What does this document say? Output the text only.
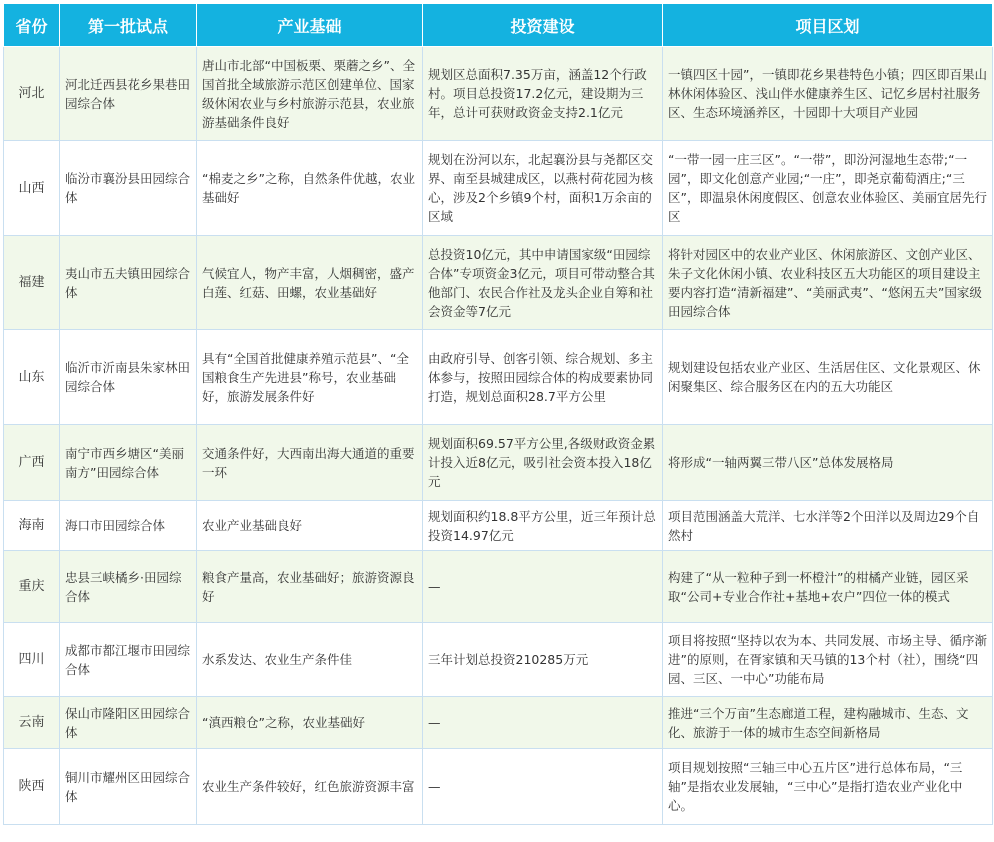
省份	第一批试点	产业基础	投资建设	项目区划
河北	河北迁西县花乡果巷田园综合体	唐山市北部“中国板栗、栗蘑之乡”、全国首批全域旅游示范区创建单位、国家级休闲农业与乡村旅游示范县，农业旅游基础条件良好	规划区总面积7.35万亩，涵盖12个行政村。项目总投资17.2亿元，建设期为三年，总计可获财政资金支持2.1亿元	一镇四区十园”，一镇即花乡果巷特色小镇；四区即百果山林休闲体验区、浅山伴水健康养生区、记忆乡居村社服务区、生态环境涵养区，十园即十大项目产业园
山西	临汾市襄汾县田园综合体	“棉麦之乡”之称，自然条件优越，农业基础好	规划在汾河以东，北起襄汾县与尧都区交界、南至县城建成区，以燕村荷花园为核心，涉及2个乡镇9个村，面积1万余亩的区域	“一带一园一庄三区”。“一带”，即汾河湿地生态带;“一园”，即文化创意产业园;“一庄”，即尧京葡萄酒庄;“三区”，即温泉休闲度假区、创意农业体验区、美丽宜居先行区
福建	夷山市五夫镇田园综合体	气候宜人，物产丰富，人烟稠密，盛产白莲、红菇、田螺，农业基础好	总投资10亿元，其中申请国家级“田园综合体”专项资金3亿元，项目可带动整合其他部门、农民合作社及龙头企业自筹和社会资金等7亿元	将针对园区中的农业产业区、休闲旅游区、文创产业区、朱子文化休闲小镇、农业科技区五大功能区的项目建设主要内容打造“清新福建”、“美丽武夷”、“悠闲五夫”国家级田园综合体
山东	临沂市沂南县朱家林田园综合体	具有“全国首批健康养殖示范县”、“全国粮食生产先进县”称号，农业基础好，旅游发展条件好	由政府引导、创客引领、综合规划、多主体参与，按照田园综合体的构成要素协同打造，规划总面积28.7平方公里	规划建设包括农业产业区、生活居住区、文化景观区、休闲聚集区、综合服务区在内的五大功能区
广西	南宁市西乡塘区“美丽南方”田园综合体	交通条件好，大西南出海大通道的重要一环	规划面积69.57平方公里,各级财政资金累计投入近8亿元，吸引社会资本投入18亿元	将形成“一轴两翼三带八区”总体发展格局
海南	海口市田园综合体	农业产业基础良好	规划面积约18.8平方公里，近三年预计总投资14.97亿元	项目范围涵盖大荒洋、七水洋等2个田洋以及周边29个自然村
重庆	忠县三峡橘乡·田园综合体	粮食产量高，农业基础好；旅游资源良好	—	构建了“从一粒种子到一杯橙汁”的柑橘产业链，园区采取“公司+专业合作社+基地+农户”四位一体的模式
四川	成都市都江堰市田园综合体	水系发达、农业生产条件佳	三年计划总投资210285万元	项目将按照“坚持以农为本、共同发展、市场主导、循序渐进”的原则，在胥家镇和天马镇的13个村（社），围绕“四园、三区、一中心”功能布局
云南	保山市隆阳区田园综合体	“滇西粮仓”之称，农业基础好	—	推进“三个万亩”生态廊道工程，建构融城市、生态、文化、旅游于一体的城市生态空间新格局
陕西	铜川市耀州区田园综合体	农业生产条件较好，红色旅游资源丰富	—	项目规划按照“三轴三中心五片区”进行总体布局，“三轴”是指农业发展轴，“三中心”是指打造农业产业化中心。
